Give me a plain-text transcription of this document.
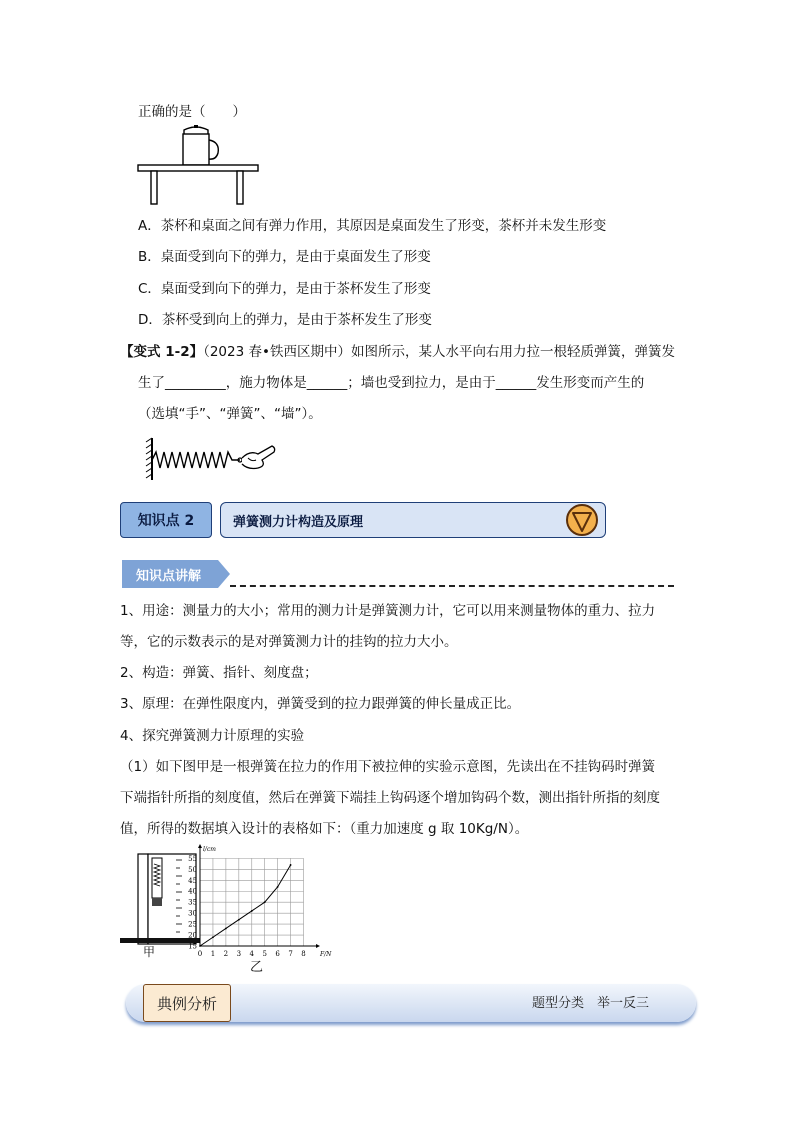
正确的是（　　）
A．茶杯和桌面之间有弹力作用，其原因是桌面发生了形变，茶杯并未发生形变
B．桌面受到向下的弹力，是由于桌面发生了形变
C．桌面受到向下的弹力，是由于茶杯发生了形变
D．茶杯受到向上的弹力，是由于茶杯发生了形变
【变式 1-2】（2023 春•铁西区期中）如图所示，某人水平向右用力拉一根轻质弹簧，弹簧发
生了_________，施力物体是______；墙也受到拉力，是由于______发生形变而产生的
（选填“手”、“弹簧”、“墙”）。
知识点 2	弹簧测力计构造及原理
知识点讲解
1、用途：测量力的大小；常用的测力计是弹簧测力计，它可以用来测量物体的重力、拉力
等，它的示数表示的是对弹簧测力计的挂钩的拉力大小。
2、构造：弹簧、指针、刻度盘；
3、原理：在弹性限度内，弹簧受到的拉力跟弹簧的伸长量成正比。
4、探究弹簧测力计原理的实验
（1）如下图甲是一根弹簧在拉力的作用下被拉伸的实验示意图，先读出在不挂钩码时弹簧
下端指针所指的刻度值，然后在弹簧下端挂上钩码逐个增加钩码个数，测出指针所指的刻度
值，所得的数据填入设计的表格如下：（重力加速度 g 取 10Kg/N）。
甲	0 1 2 3 4 5 6 7 8
15
20
25
30
35
40
45
50
55
F/N
l/cm
乙
典例分析	题型分类　举一反三
